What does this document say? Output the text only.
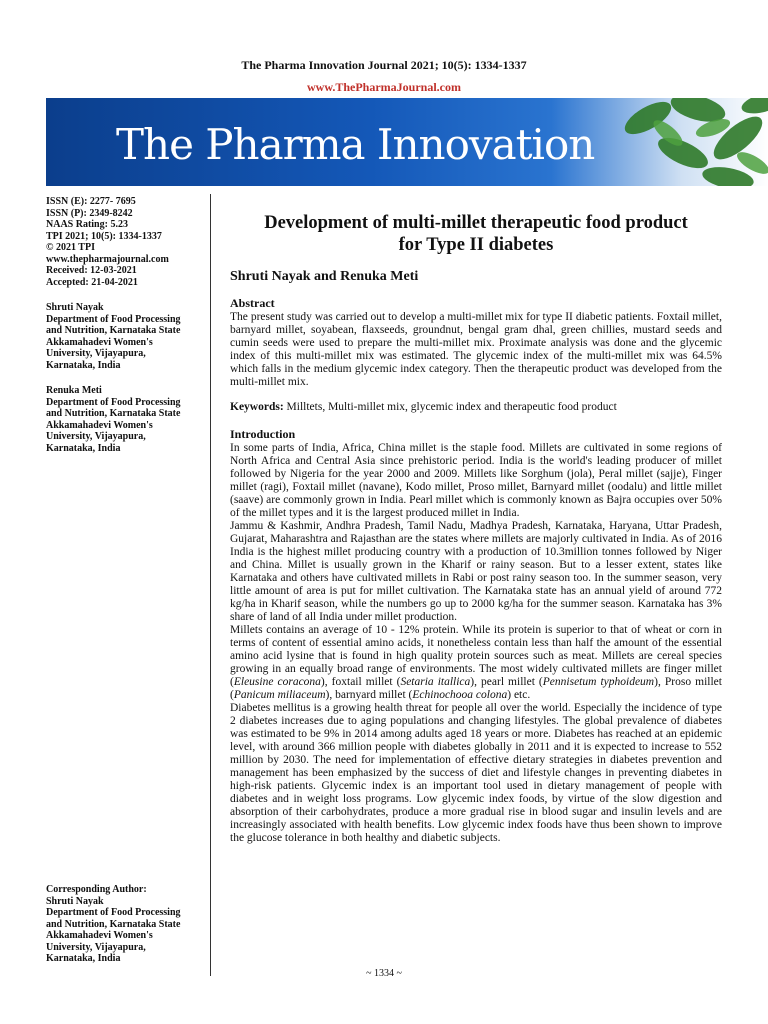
The Pharma Innovation Journal 2021; 10(5): 1334-1337
www.ThePharmaJournal.com
The Pharma Innovation
ISSN (E): 2277- 7695
ISSN (P): 2349-8242
NAAS Rating: 5.23
TPI 2021; 10(5): 1334-1337
© 2021 TPI
www.thepharmajournal.com
Received: 12-03-2021
Accepted: 21-04-2021
Shruti Nayak
Department of Food Processing
and Nutrition, Karnataka State
Akkamahadevi Women's
University, Vijayapura,
Karnataka, India
Renuka Meti
Department of Food Processing
and Nutrition, Karnataka State
Akkamahadevi Women's
University, Vijayapura,
Karnataka, India
Corresponding Author:
Shruti Nayak
Department of Food Processing
and Nutrition, Karnataka State
Akkamahadevi Women's
University, Vijayapura,
Karnataka, India
Development of multi-millet therapeutic food product
for Type II diabetes
Shruti Nayak and Renuka Meti
Abstract

The present study was carried out to develop a multi-millet mix for type II diabetic patients. Foxtail millet, barnyard millet, soyabean, flaxseeds, groundnut, bengal gram dhal, green chillies, mustard seeds and cumin seeds were used to prepare the multi-millet mix. Proximate analysis was done and the glycemic index of this multi-millet mix was estimated. The glycemic index of the multi-millet mix was 64.5% which falls in the medium glycemic index category. Then the therapeutic product was developed from the multi-millet mix.

Keywords: Milltets, Multi-millet mix, glycemic index and therapeutic food product

Introduction

In some parts of India, Africa, China millet is the staple food. Millets are cultivated in some regions of North Africa and Central Asia since prehistoric period. India is the world's leading producer of millet followed by Nigeria for the year 2000 and 2009. Millets like Sorghum (jola), Peral millet (sajje), Finger millet (ragi), Foxtail millet (navane), Kodo millet, Proso millet, Barnyard millet (oodalu) and little millet (saave) are commonly grown in India. Pearl millet which is commonly known as Bajra occupies over 50% of the millet types and it is the largest produced millet in India.

Jammu & Kashmir, Andhra Pradesh, Tamil Nadu, Madhya Pradesh, Karnataka, Haryana, Uttar Pradesh, Gujarat, Maharashtra and Rajasthan are the states where millets are majorly cultivated in India. As of 2016 India is the highest millet producing country with a production of 10.3million tonnes followed by Niger and China. Millet is usually grown in the Kharif or rainy season. But to a lesser extent, states like Karnataka and others have cultivated millets in Rabi or post rainy season too. In the summer season, very little amount of area is put for millet cultivation. The Karnataka state has an annual yield of around 772 kg/ha in Kharif season, while the numbers go up to 2000 kg/ha for the summer season. Karnataka has 3% share of land of all India under millet production.

Millets contains an average of 10 - 12% protein. While its protein is superior to that of wheat or corn in terms of content of essential amino acids, it nonetheless contain less than half the amount of the essential amino acid lysine that is found in high quality protein sources such as meat. Millets are cereal species growing in an equally broad range of environments. The most widely cultivated millets are finger millet (Eleusine coracona), foxtail millet (Setaria itallica), pearl millet (Pennisetum typhoideum), Proso millet (Panicum miliaceum), barnyard millet (Echinochooa colona) etc.

Diabetes mellitus is a growing health threat for people all over the world. Especially the incidence of type 2 diabetes increases due to aging populations and changing lifestyles. The global prevalence of diabetes was estimated to be 9% in 2014 among adults aged 18 years or more. Diabetes has reached at an epidemic level, with around 366 million people with diabetes globally in 2011 and it is expected to increase to 552 million by 2030. The need for implementation of effective dietary strategies in diabetes prevention and management has been emphasized by the success of diet and lifestyle changes in preventing diabetes in high-risk patients. Glycemic index is an important tool used in dietary management of people with diabetes and in weight loss programs. Low glycemic index foods, by virtue of the slow digestion and absorption of their carbohydrates, produce a more gradual rise in blood sugar and insulin levels and are increasingly associated with health benefits. Low glycemic index foods have thus been shown to improve the glucose tolerance in both healthy and diabetic subjects.

~ 1334 ~
